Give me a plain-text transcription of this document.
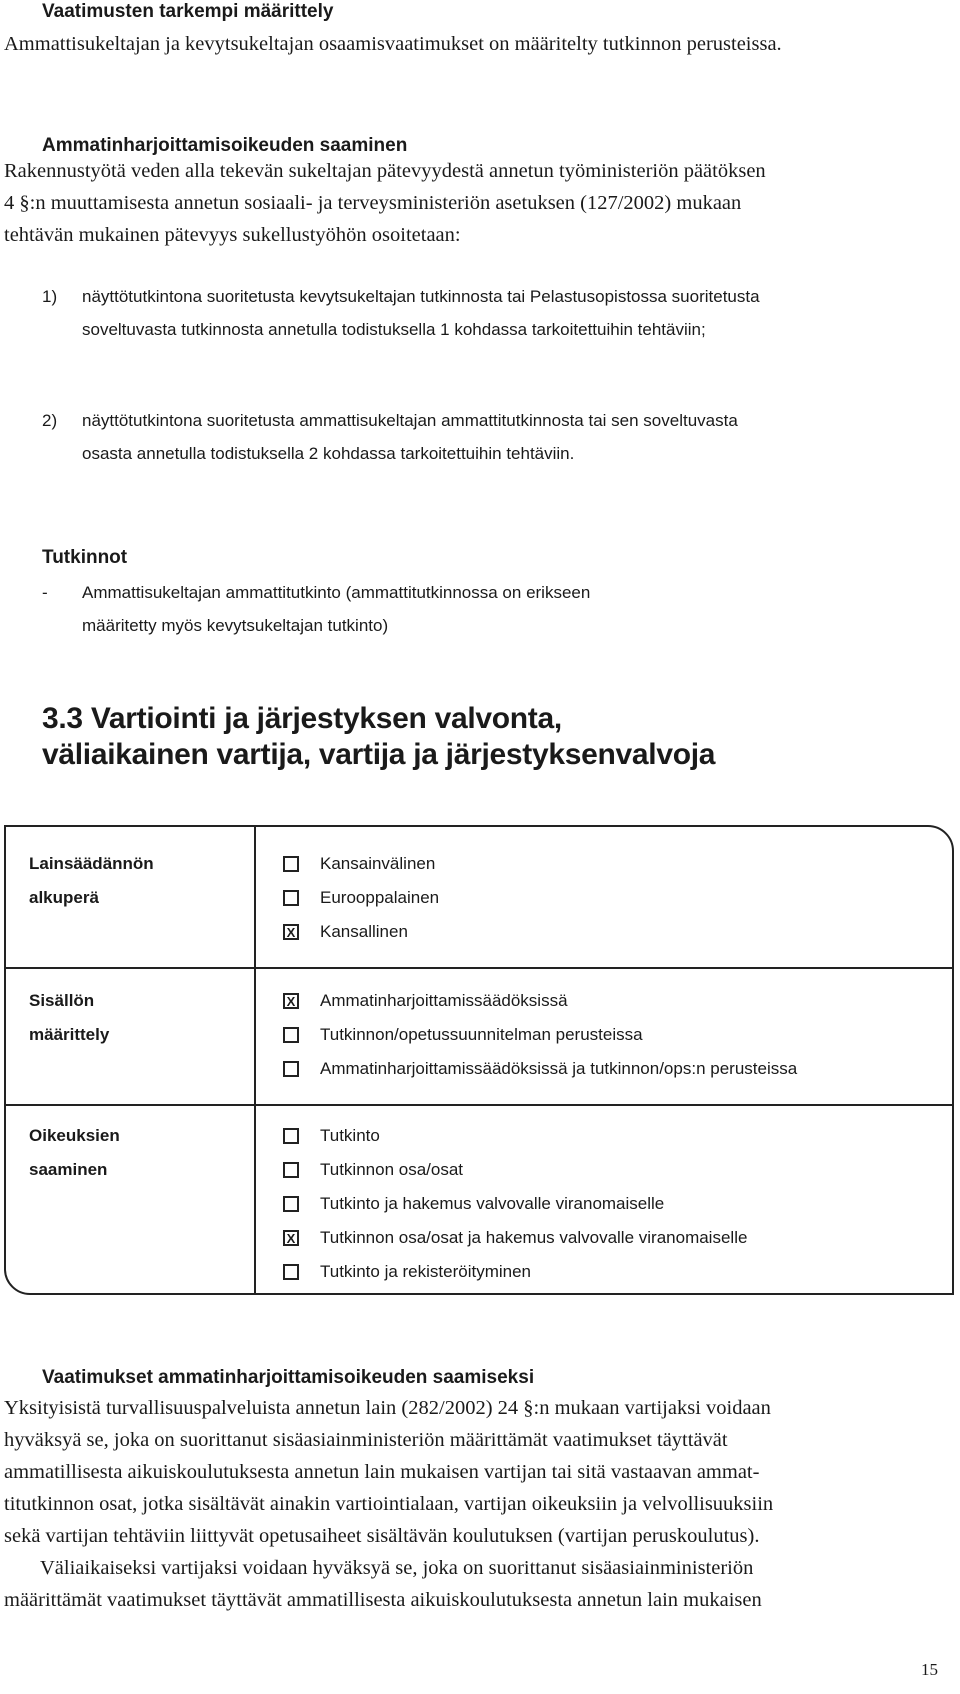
Vaatimusten tarkempi määrittely
Ammattisukeltajan ja kevytsukeltajan osaamisvaatimukset on määritelty tutkinnon perusteissa.
Ammatinharjoittamisoikeuden saaminen
Rakennustyötä veden alla tekevän sukeltajan pätevyydestä annetun työministeriön päätöksen
4 §:n muuttamisesta annetun sosiaali- ja terveysministeriön asetuksen (127/2002) mukaan
tehtävän mukainen pätevyys sukellustyöhön osoitetaan:
1) näyttötutkintona suoritetusta kevytsukeltajan tutkinnosta tai Pelastusopistossa suoritetusta
soveltuvasta tutkinnosta annetulla todistuksella 1 kohdassa tarkoitettuihin tehtäviin;
2) näyttötutkintona suoritetusta ammattisukeltajan ammattitutkinnosta tai sen soveltuvasta
osasta annetulla todistuksella 2 kohdassa tarkoitettuihin tehtäviin.
Tutkinnot
- Ammattisukeltajan ammattitutkinto (ammattitutkinnossa on erikseen
määritetty myös kevytsukeltajan tutkinto)
3.3 Vartiointi ja järjestyksen valvonta,
väliaikainen vartija, vartija ja järjestyksenvalvoja
Lainsäädännön
alkuperä
Kansainvälinen
Eurooppalainen
X Kansallinen
Sisällön
määrittely
X Ammatinharjoittamissäädöksissä
Tutkinnon/opetussuunnitelman perusteissa
Ammatinharjoittamissäädöksissä ja tutkinnon/ops:n perusteissa
Oikeuksien
saaminen
Tutkinto
Tutkinnon osa/osat
Tutkinto ja hakemus valvovalle viranomaiselle
X Tutkinnon osa/osat ja hakemus valvovalle viranomaiselle
Tutkinto ja rekisteröityminen
Vaatimukset ammatinharjoittamisoikeuden saamiseksi
Yksityisistä turvallisuuspalveluista annetun lain (282/2002) 24 §:n mukaan vartijaksi voidaan
hyväksyä se, joka on suorittanut sisäasiainministeriön määrittämät vaatimukset täyttävät
ammatillisesta aikuiskoulutuksesta annetun lain mukaisen vartijan tai sitä vastaavan ammat-
titutkinnon osat, jotka sisältävät ainakin vartiointialaan, vartijan oikeuksiin ja velvollisuuksiin
sekä vartijan tehtäviin liittyvät opetusaiheet sisältävän koulutuksen (vartijan peruskoulutus).
Väliaikaiseksi vartijaksi voidaan hyväksyä se, joka on suorittanut sisäasiainministeriön
määrittämät vaatimukset täyttävät ammatillisesta aikuiskoulutuksesta annetun lain mukaisen
15
